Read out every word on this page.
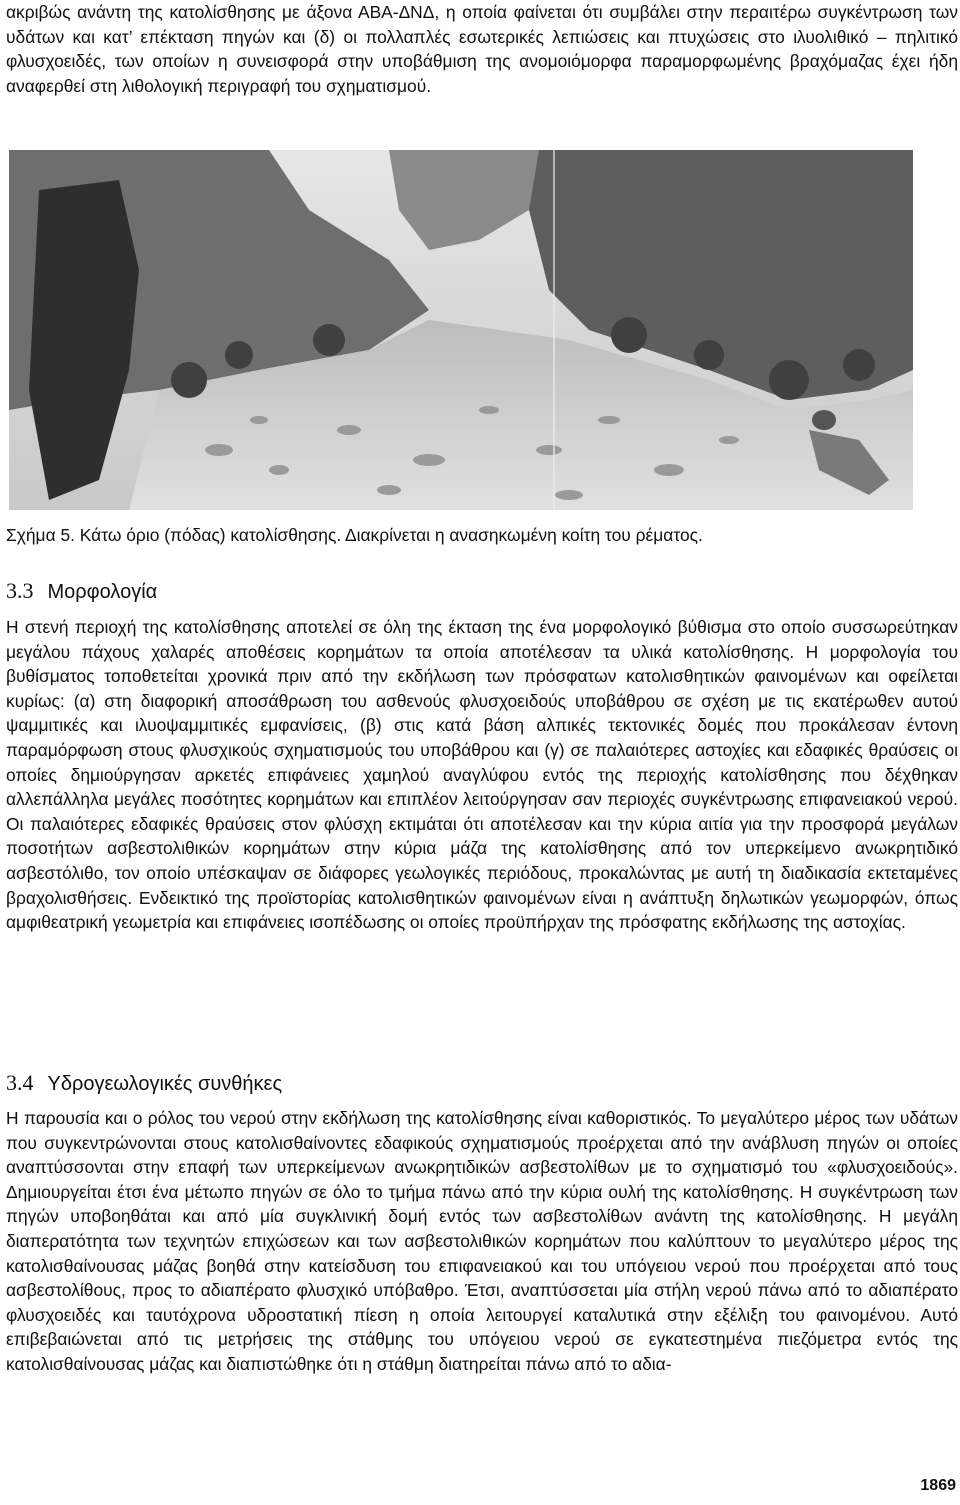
ακριβώς ανάντη της κατολίσθησης με άξονα ΑΒΑ-ΔΝΔ, η οποία φαίνεται ότι συμβάλει στην περαιτέρω συγκέντρωση των υδάτων και κατ’ επέκταση πηγών και (δ) οι πολλαπλές εσωτερικές λεπιώσεις και πτυχώσεις στο ιλυολιθικό – πηλιτικό φλυσχοειδές, των οποίων η συνεισφορά στην υποβάθμιση της ανομοιόμορφα παραμορφωμένης βραχόμαζας έχει ήδη αναφερθεί στη λιθολογική περιγραφή του σχηματισμού.

Σχήμα 5. Κάτω όριο (πόδας) κατολίσθησης. Διακρίνεται η ανασηκωμένη κοίτη του ρέματος.

3.3 Μορφολογία

Η στενή περιοχή της κατολίσθησης αποτελεί σε όλη της έκταση της ένα μορφολογικό βύθισμα στο οποίο συσσωρεύτηκαν μεγάλου πάχους χαλαρές αποθέσεις κορημάτων τα οποία αποτέλεσαν τα υλικά κατολίσθησης. Η μορφολογία του βυθίσματος τοποθετείται χρονικά πριν από την εκδήλωση των πρόσφατων κατολισθητικών φαινομένων και οφείλεται κυρίως: (α) στη διαφορική αποσάθρωση του ασθενούς φλυσχοειδούς υποβάθρου σε σχέση με τις εκατέρωθεν αυτού ψαμμιτικές και ιλυοψαμμιτικές εμφανίσεις, (β) στις κατά βάση αλπικές τεκτονικές δομές που προκάλεσαν έντονη παραμόρφωση στους φλυσχικούς σχηματισμούς του υποβάθρου και (γ) σε παλαιότερες αστοχίες και εδαφικές θραύσεις οι οποίες δημιούργησαν αρκετές επιφάνειες χαμηλού αναγλύφου εντός της περιοχής κατολίσθησης που δέχθηκαν αλλεπάλληλα μεγάλες ποσότητες κορημάτων και επιπλέον λειτούργησαν σαν περιοχές συγκέντρωσης επιφανειακού νερού. Οι παλαιότερες εδαφικές θραύσεις στον φλύσχη εκτιμάται ότι αποτέλεσαν και την κύρια αιτία για την προσφορά μεγάλων ποσοτήτων ασβεστολιθικών κορημάτων στην κύρια μάζα της κατολίσθησης από τον υπερκείμενο ανωκρητιδικό ασβεστόλιθο, τον οποίο υπέσκαψαν σε διάφορες γεωλογικές περιόδους, προκαλώντας με αυτή τη διαδικασία εκτεταμένες βραχολισθήσεις. Ενδεικτικό της προϊστορίας κατολισθητικών φαινομένων είναι η ανάπτυξη δηλωτικών γεωμορφών, όπως αμφιθεατρική γεωμετρία και επιφάνειες ισοπέδωσης οι οποίες προϋπήρχαν της πρόσφατης εκδήλωσης της αστοχίας.

3.4 Υδρογεωλογικές συνθήκες

Η παρουσία και ο ρόλος του νερού στην εκδήλωση της κατολίσθησης είναι καθοριστικός. Το μεγαλύτερο μέρος των υδάτων που συγκεντρώνονται στους κατολισθαίνοντες εδαφικούς σχηματισμούς προέρχεται από την ανάβλυση πηγών οι οποίες αναπτύσσονται στην επαφή των υπερκείμενων ανωκρητιδικών ασβεστολίθων με το σχηματισμό του «φλυσχοειδούς». Δημιουργείται έτσι ένα μέτωπο πηγών σε όλο το τμήμα πάνω από την κύρια ουλή της κατολίσθησης. Η συγκέντρωση των πηγών υποβοηθάται και από μία συγκλινική δομή εντός των ασβεστολίθων ανάντη της κατολίσθησης. Η μεγάλη διαπερατότητα των τεχνητών επιχώσεων και των ασβεστολιθικών κορημάτων που καλύπτουν το μεγαλύτερο μέρος της κατολισθαίνουσας μάζας βοηθά στην κατείσδυση του επιφανειακού και του υπόγειου νερού που προέρχεται από τους ασβεστολίθους, προς το αδιαπέρατο φλυσχικό υπόβαθρο. Έτσι, αναπτύσσεται μία στήλη νερού πάνω από το αδιαπέρατο φλυσχοειδές και ταυτόχρονα υδροστατική πίεση η οποία λειτουργεί καταλυτικά στην εξέλιξη του φαινομένου. Αυτό επιβεβαιώνεται από τις μετρήσεις της στάθμης του υπόγειου νερού σε εγκατεστημένα πιεζόμετρα εντός της κατολισθαίνουσας μάζας και διαπιστώθηκε ότι η στάθμη διατηρείται πάνω από το αδια-

1869
